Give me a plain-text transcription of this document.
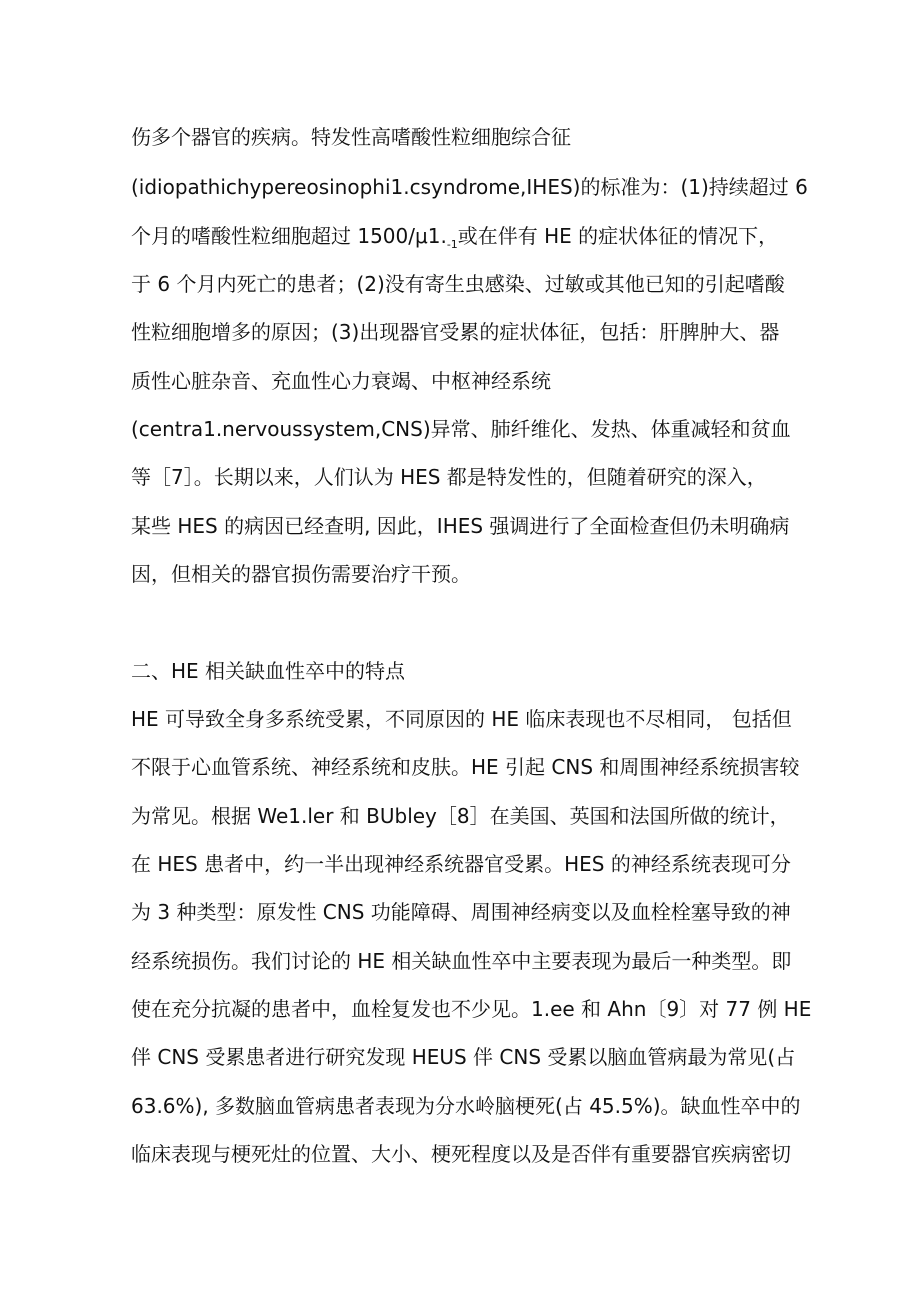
伤多个器官的疾病。特发性高嗜酸性粒细胞综合征
(idiopathichypereosinophi1.csyndrome,IHES)的标准为：(1)持续超过 6
个月的嗜酸性粒细胞超过 $1500/\mu 1._{-1}$或在伴有 HE 的症状体征的情况下，
于 6 个月内死亡的患者；(2)没有寄生虫感染、过敏或其他已知的引起嗜酸
性粒细胞增多的原因；(3)出现器官受累的症状体征，包括：肝脾肿大、器
质性心脏杂音、充血性心力衰竭、中枢神经系统
(centra1.nervoussystem,CNS)异常、肺纤维化、发热、体重减轻和贫血
等［7］。长期以来，人们认为 HES 都是特发性的，但随着研究的深入，
某些 HES 的病因已经查明, 因此，IHES 强调进行了全面检查但仍未明确病
因，但相关的器官损伤需要治疗干预。
二、HE 相关缺血性卒中的特点
HE 可导致全身多系统受累，不同原因的 HE 临床表现也不尽相同， 包括但
不限于心血管系统、神经系统和皮肤。HE 引起 CNS 和周围神经系统损害较
为常见。根据 We1.ler 和 BUbley［8］在美国、英国和法国所做的统计，
在 HES 患者中，约一半出现神经系统器官受累。HES 的神经系统表现可分
为 3 种类型：原发性 CNS 功能障碍、周围神经病变以及血栓栓塞导致的神
经系统损伤。我们讨论的 HE 相关缺血性卒中主要表现为最后一种类型。即
使在充分抗凝的患者中，血栓复发也不少见。1.ee 和 Ahn〔9〕对 77 例 HE
伴 CNS 受累患者进行研究发现 HEUS 伴 CNS 受累以脑血管病最为常见(占
63.6%), 多数脑血管病患者表现为分水岭脑梗死(占 45.5%)。缺血性卒中的
临床表现与梗死灶的位置、大小、梗死程度以及是否伴有重要器官疾病密切
